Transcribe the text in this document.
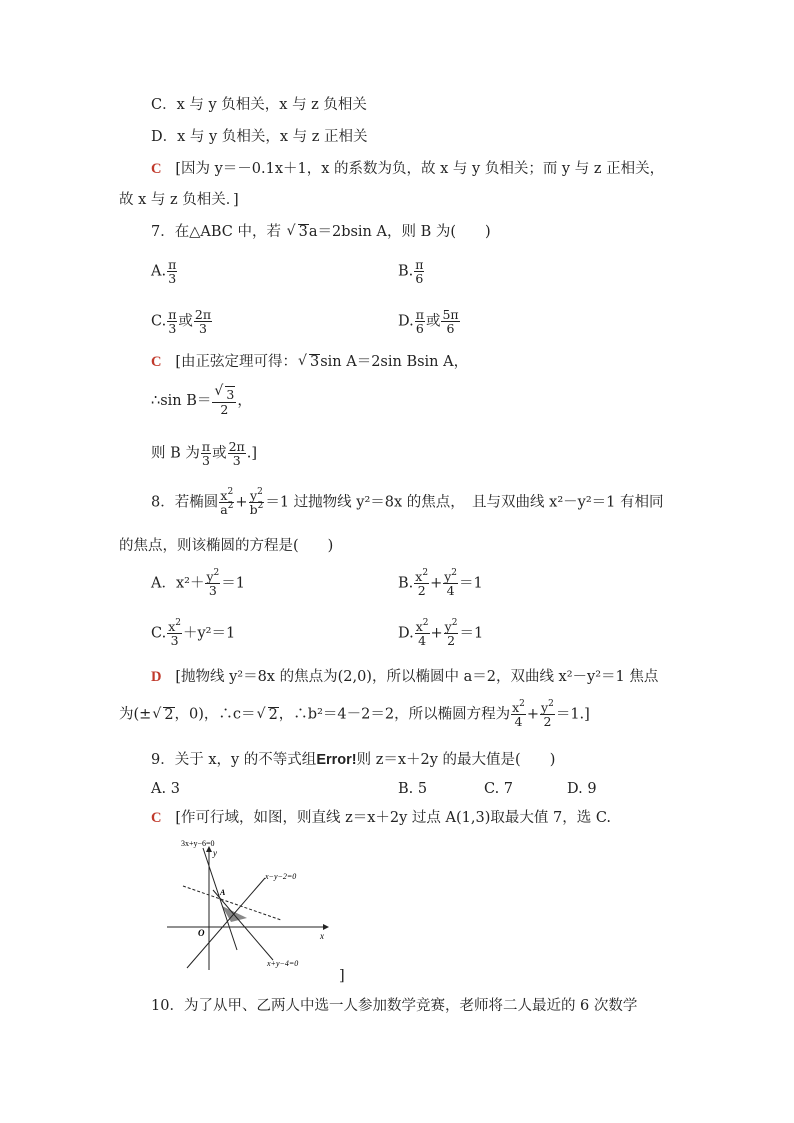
C．x 与 y 负相关，x 与 z 负相关
D．x 与 y 负相关，x 与 z 正相关
C [因为 y＝－0.1x＋1，x 的系数为负，故 x 与 y 负相关；而 y 与 z 正相关，
故 x 与 z 负相关．]
7．在△ABC 中，若 √ 3a＝2bsin A，则 B 为(　　)
A. $\frac{\pi}{3}$	B. $\frac{\pi}{6}$
C. $\frac{\pi}{3}$ 或 $\frac{2\pi}{3}$	D. $\frac{\pi}{6}$ 或 $\frac{5\pi}{6}$
C [由正弦定理可得： √ 3sin A＝2sin Bsin A，
∴sin B＝ √ $\frac{3}{2}$ ，
则 B 为 $\frac{\pi}{3}$ 或 $\frac{2\pi}{3}$ .]
8．若椭圆 $\frac{x^2}{a^2} + \frac{y^2}{b^2} =1$ 过抛物线 y²＝8x 的焦点，　且与双曲线 x²－y²＝1 有相同
的焦点，则该椭圆的方程是(　　)
A．$x^2+ \frac{y^2}{3} =1$	B. $\frac{x^2}{2} + \frac{y^2}{4} =1$
C. $\frac{x^2}{3} +y^2=1$	D. $\frac{x^2}{4} + \frac{y^2}{2} =1$
D [抛物线 y²＝8x 的焦点为(2,0)，所以椭圆中 a＝2，双曲线 x²－y²＝1 焦点
为(± √ 2，0)，∴c＝ √ 2，∴b²＝4－2＝2，所以椭圆方程为 $\frac{x^2}{4} + \frac{y^2}{2} =1$.]
9．关于 x，y 的不等式组Error!则 z＝x＋2y 的最大值是(　　)
A. 3	B. 5	C. 7	D. 9
C [作可行域，如图，则直线 z＝x＋2y 过点 A(1,3)取最大值 7，选 C.
3x+y−6=0
y
x−y−2=0
A
O	x
x+y−4=0
]
10．为了从甲、乙两人中选一人参加数学竞赛，老师将二人最近的 6 次数学
